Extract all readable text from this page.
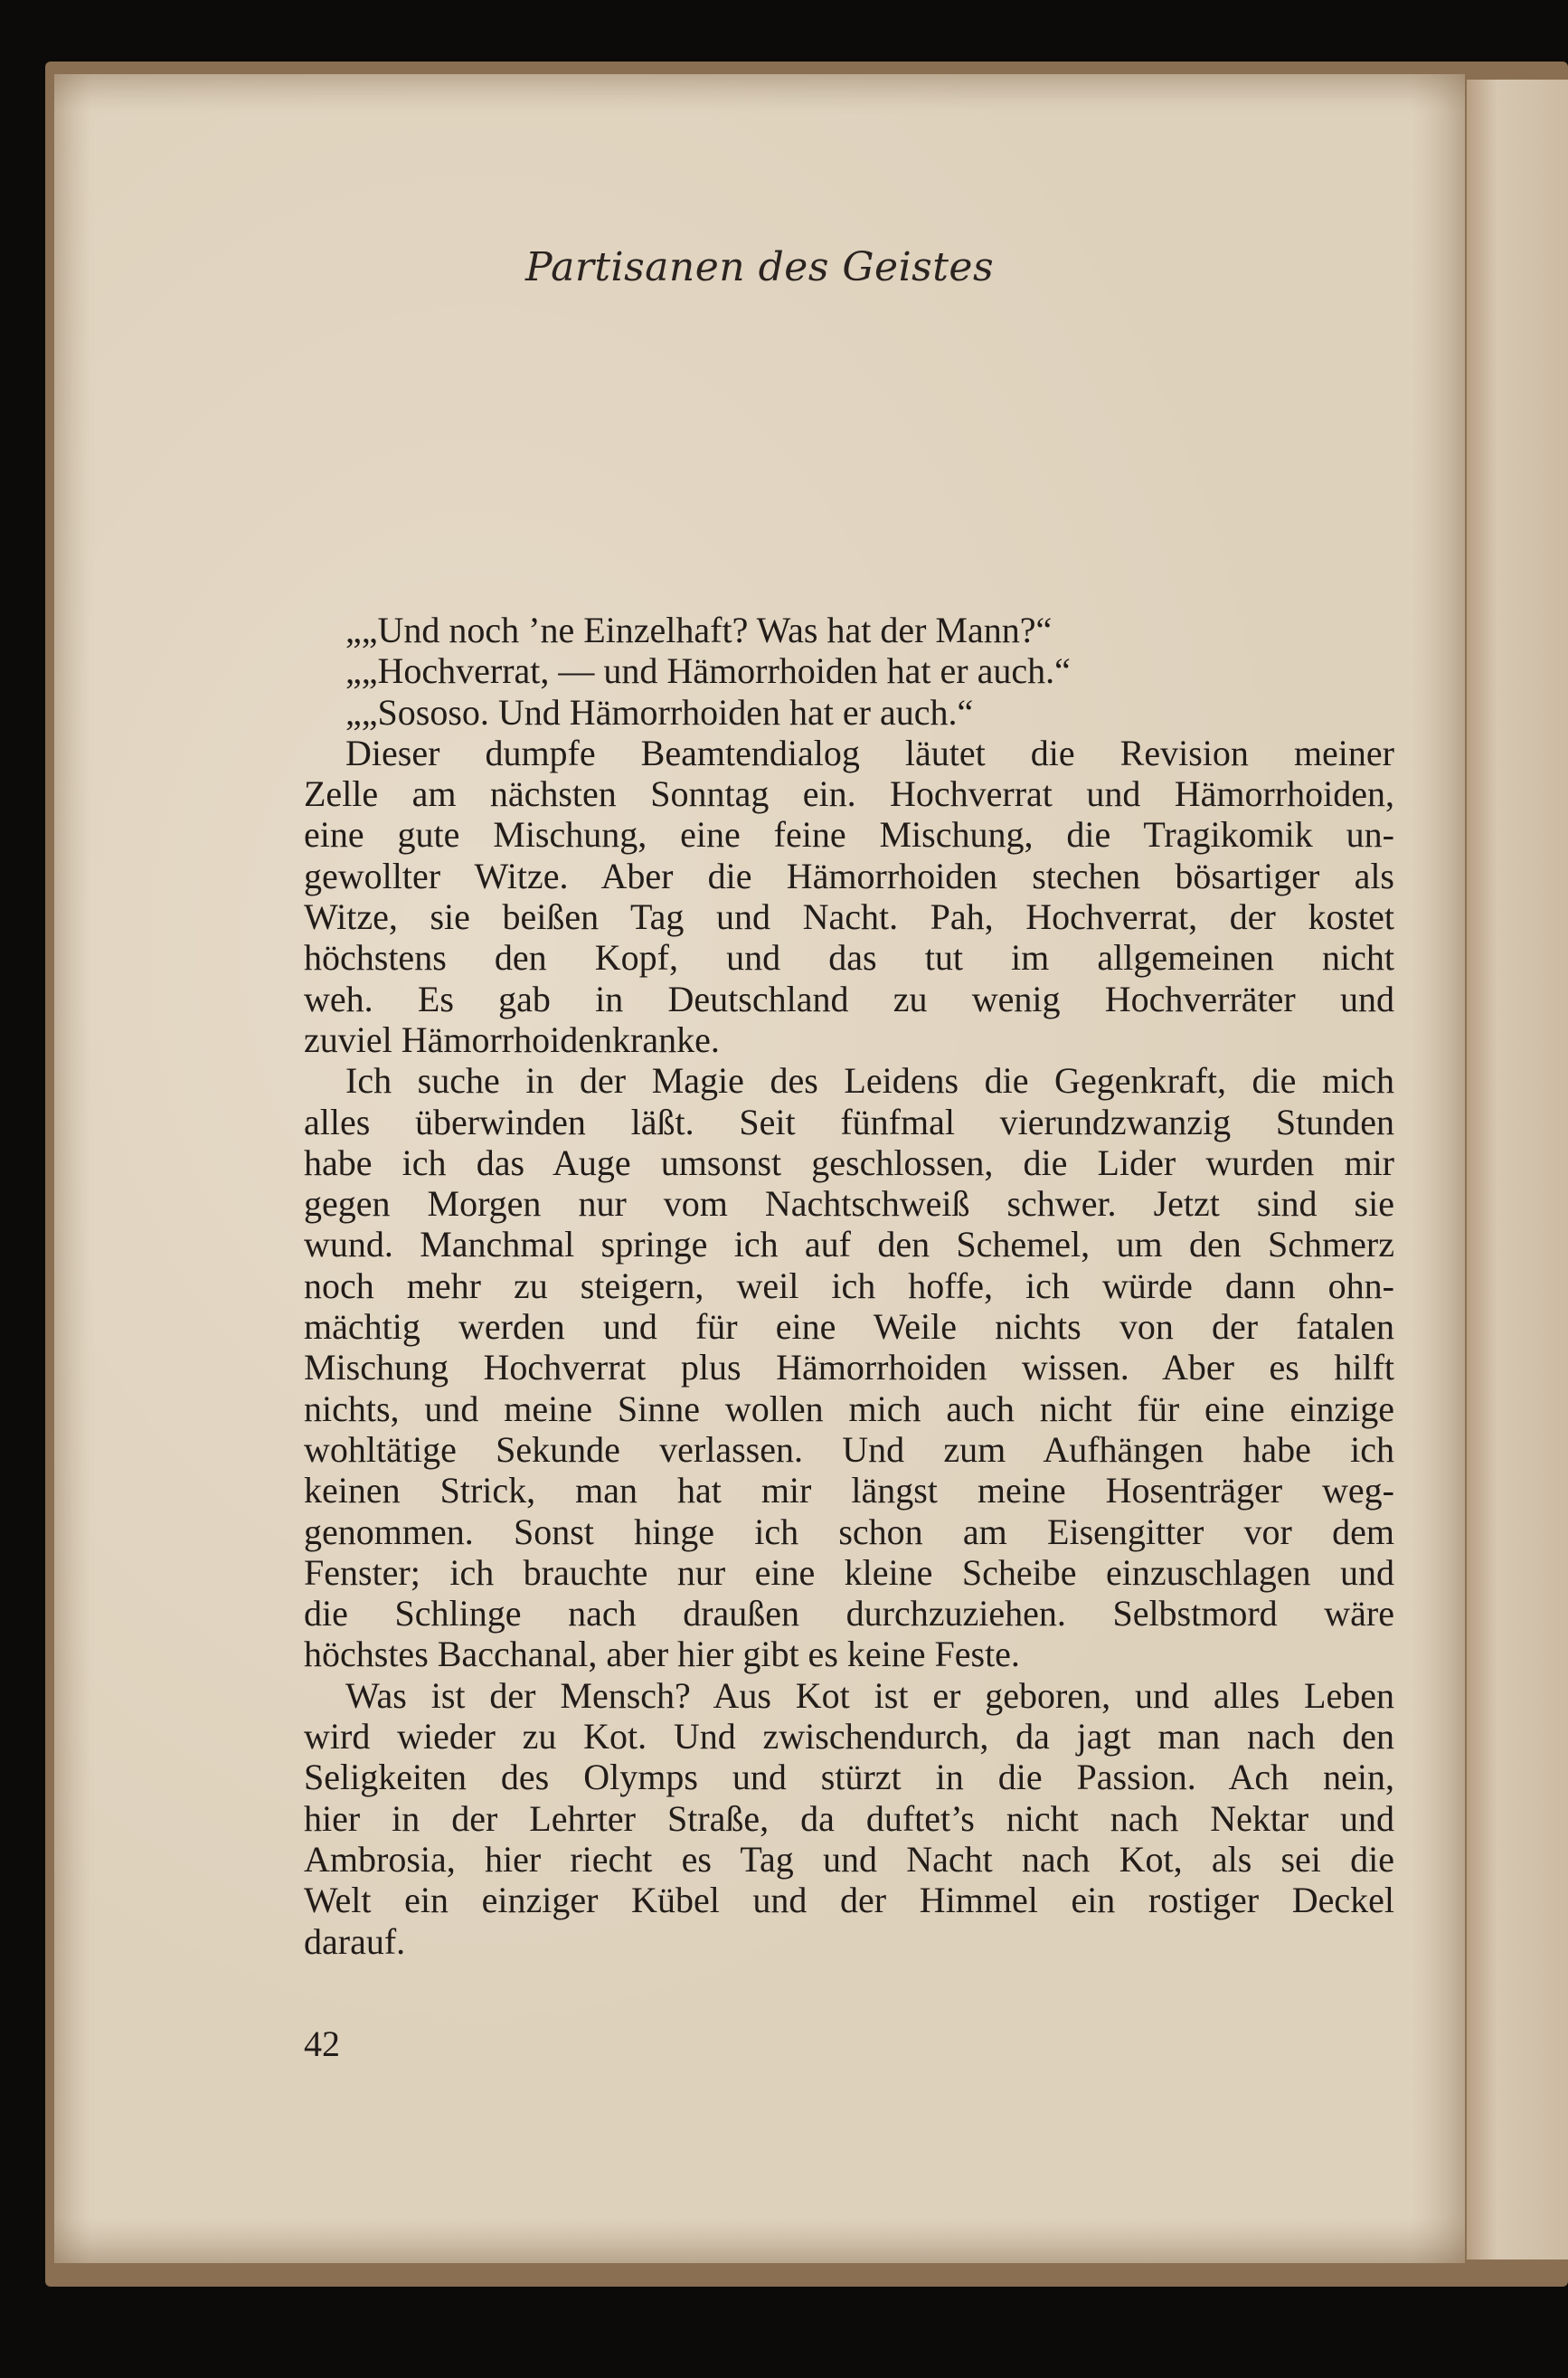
Partisanen des Geistes
„„Und noch ’ne Einzelhaft? Was hat der Mann?“
„„Hochverrat, — und Hämorrhoiden hat er auch.“
„„Sososo. Und Hämorrhoiden hat er auch.“
Dieser dumpfe Beamtendialog läutet die Revision meiner
Zelle am nächsten Sonntag ein. Hochverrat und Hämorrhoiden,
eine gute Mischung, eine feine Mischung, die Tragikomik un-
gewollter Witze. Aber die Hämorrhoiden stechen bösartiger als
Witze, sie beißen Tag und Nacht. Pah, Hochverrat, der kostet
höchstens den Kopf, und das tut im allgemeinen nicht
weh. Es gab in Deutschland zu wenig Hochverräter und
zuviel Hämorrhoidenkranke.
Ich suche in der Magie des Leidens die Gegenkraft, die mich
alles überwinden läßt. Seit fünfmal vierundzwanzig Stunden
habe ich das Auge umsonst geschlossen, die Lider wurden mir
gegen Morgen nur vom Nachtschweiß schwer. Jetzt sind sie
wund. Manchmal springe ich auf den Schemel, um den Schmerz
noch mehr zu steigern, weil ich hoffe, ich würde dann ohn-
mächtig werden und für eine Weile nichts von der fatalen
Mischung Hochverrat plus Hämorrhoiden wissen. Aber es hilft
nichts, und meine Sinne wollen mich auch nicht für eine einzige
wohltätige Sekunde verlassen. Und zum Aufhängen habe ich
keinen Strick, man hat mir längst meine Hosenträger weg-
genommen. Sonst hinge ich schon am Eisengitter vor dem
Fenster; ich brauchte nur eine kleine Scheibe einzuschlagen und
die Schlinge nach draußen durchzuziehen. Selbstmord wäre
höchstes Bacchanal, aber hier gibt es keine Feste.
Was ist der Mensch? Aus Kot ist er geboren, und alles Leben
wird wieder zu Kot. Und zwischendurch, da jagt man nach den
Seligkeiten des Olymps und stürzt in die Passion. Ach nein,
hier in der Lehrter Straße, da duftet’s nicht nach Nektar und
Ambrosia, hier riecht es Tag und Nacht nach Kot, als sei die
Welt ein einziger Kübel und der Himmel ein rostiger Deckel
darauf.
42
